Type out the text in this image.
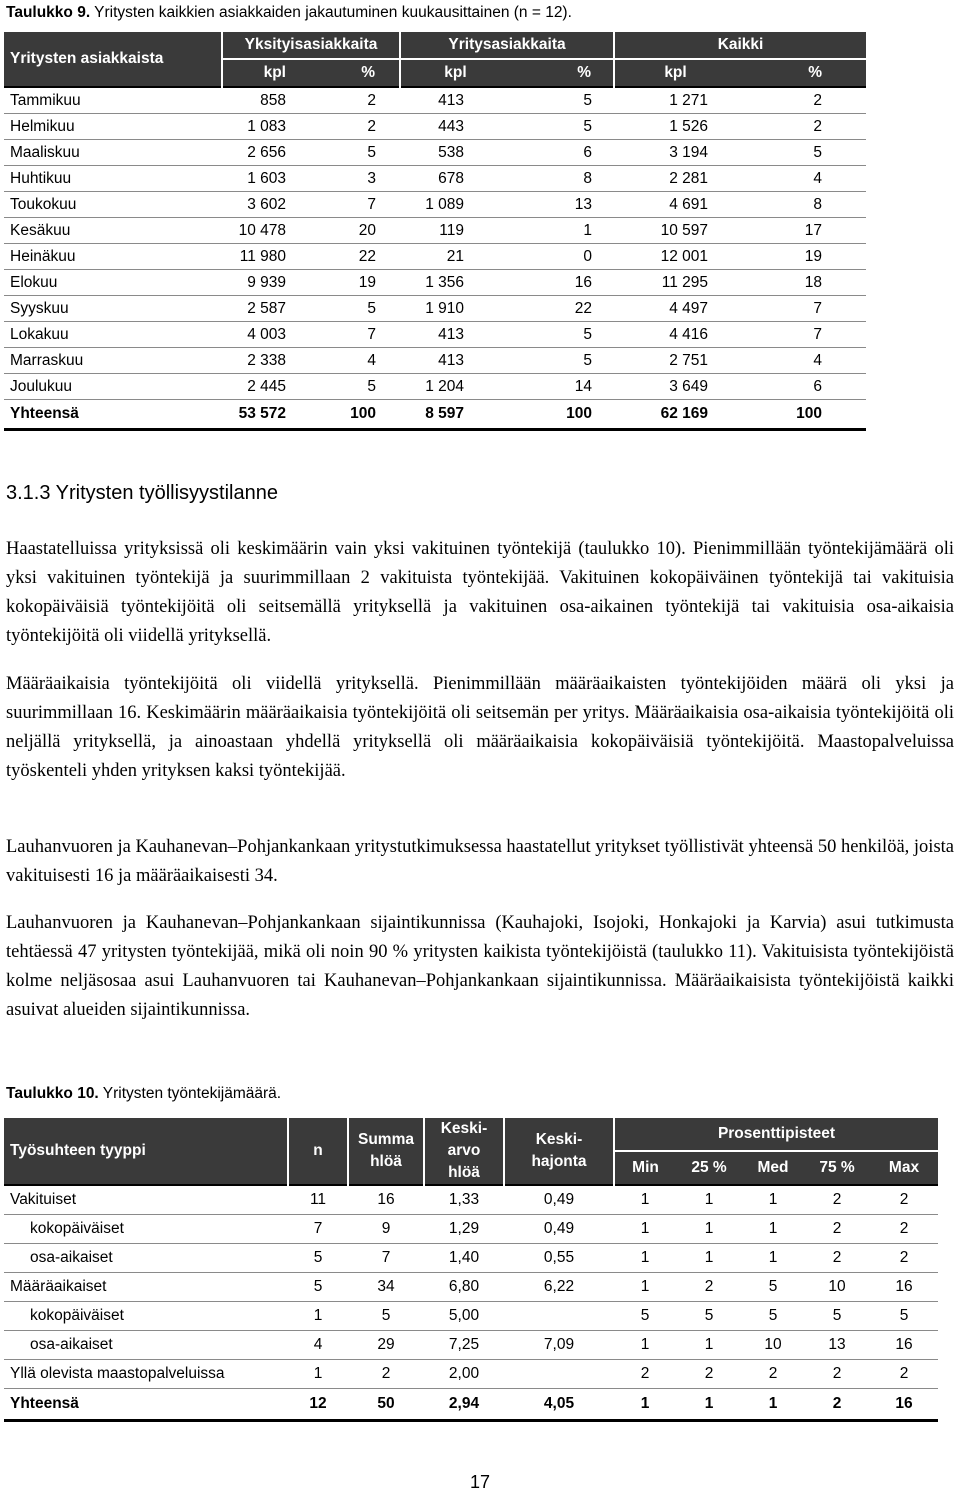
Taulukko 9. Yritysten kaikkien asiakkaiden jakautuminen kuukausittainen (n = 12).
Yritysten asiakkaista	Yksityisasiakkaita		Yritysasiakkaita		Kaikki	
	kpl	%	kpl	%	kpl	%
Tammikuu	858	2	413	5	1 271	2
Helmikuu	1 083	2	443	5	1 526	2
Maaliskuu	2 656	5	538	6	3 194	5
Huhtikuu	1 603	3	678	8	2 281	4
Toukokuu	3 602	7	1 089	13	4 691	8
Kesäkuu	10 478	20	119	1	10 597	17
Heinäkuu	11 980	22	21	0	12 001	19
Elokuu	9 939	19	1 356	16	11 295	18
Syyskuu	2 587	5	1 910	22	4 497	7
Lokakuu	4 003	7	413	5	4 416	7
Marraskuu	2 338	4	413	5	2 751	4
Joulukuu	2 445	5	1 204	14	3 649	6
Yhteensä	53 572	100	8 597	100	62 169	100
3.1.3 Yritysten työllisyystilanne

Haastatelluissa yrityksissä oli keskimäärin vain yksi vakituinen työntekijä (taulukko 10). Pienimmillään työntekijämäärä oli yksi vakituinen työntekijä ja suurimmillaan 2 vakituista työntekijää. Vakituinen kokopäiväinen työntekijä tai vakituisia kokopäiväisiä työntekijöitä oli seitsemällä yrityksellä ja vakituinen osa-aikainen työntekijä tai vakituisia osa-aikaisia työntekijöitä oli viidellä yrityksellä.

Määräaikaisia työntekijöitä oli viidellä yrityksellä. Pienimmillään määräaikaisten työntekijöiden määrä oli yksi ja suurimmillaan 16. Keskimäärin määräaikaisia työntekijöitä oli seitsemän per yritys. Määräaikaisia osa-aikaisia työntekijöitä oli neljällä yrityksellä, ja ainoastaan yhdellä yrityksellä oli määräaikaisia kokopäiväisiä työntekijöitä. Maastopalveluissa työskenteli yhden yrityksen kaksi työntekijää.

Lauhanvuoren ja Kauhanevan–Pohjankankaan yritystutkimuksessa haastatellut yritykset työllistivät yhteensä 50 henkilöä, joista vakituisesti 16 ja määräaikaisesti 34.

Lauhanvuoren ja Kauhanevan–Pohjankankaan sijaintikunnissa (Kauhajoki, Isojoki, Honkajoki ja Karvia) asui tutkimusta tehtäessä 47 yritysten työntekijää, mikä oli noin 90 % yritysten kaikista työntekijöistä (taulukko 11). Vakituisista työntekijöistä kolme neljäsosaa asui Lauhanvuoren tai Kauhanevan–Pohjankankaan sijaintikunnissa. Määräaikaisista työntekijöistä kaikki asuivat alueiden sijaintikunnissa.

Taulukko 10. Yritysten työntekijämäärä.
Työsuhteen tyyppi	n	Summa hlöä	Keski-arvo hlöä	Keski-hajonta	Prosenttipisteet				
					Min	25 %	Med	75 %	Max
Vakituiset	11	16	1,33	0,49	1	1	1	2	2
kokopäiväiset	7	9	1,29	0,49	1	1	1	2	2
osa-aikaiset	5	7	1,40	0,55	1	1	1	2	2
Määräaikaiset	5	34	6,80	6,22	1	2	5	10	16
kokopäiväiset	1	5	5,00		5	5	5	5	5
osa-aikaiset	4	29	7,25	7,09	1	1	10	13	16
Yllä olevista maastopalveluissa	1	2	2,00		2	2	2	2	2
Yhteensä	12	50	2,94	4,05	1	1	1	2	16
17
